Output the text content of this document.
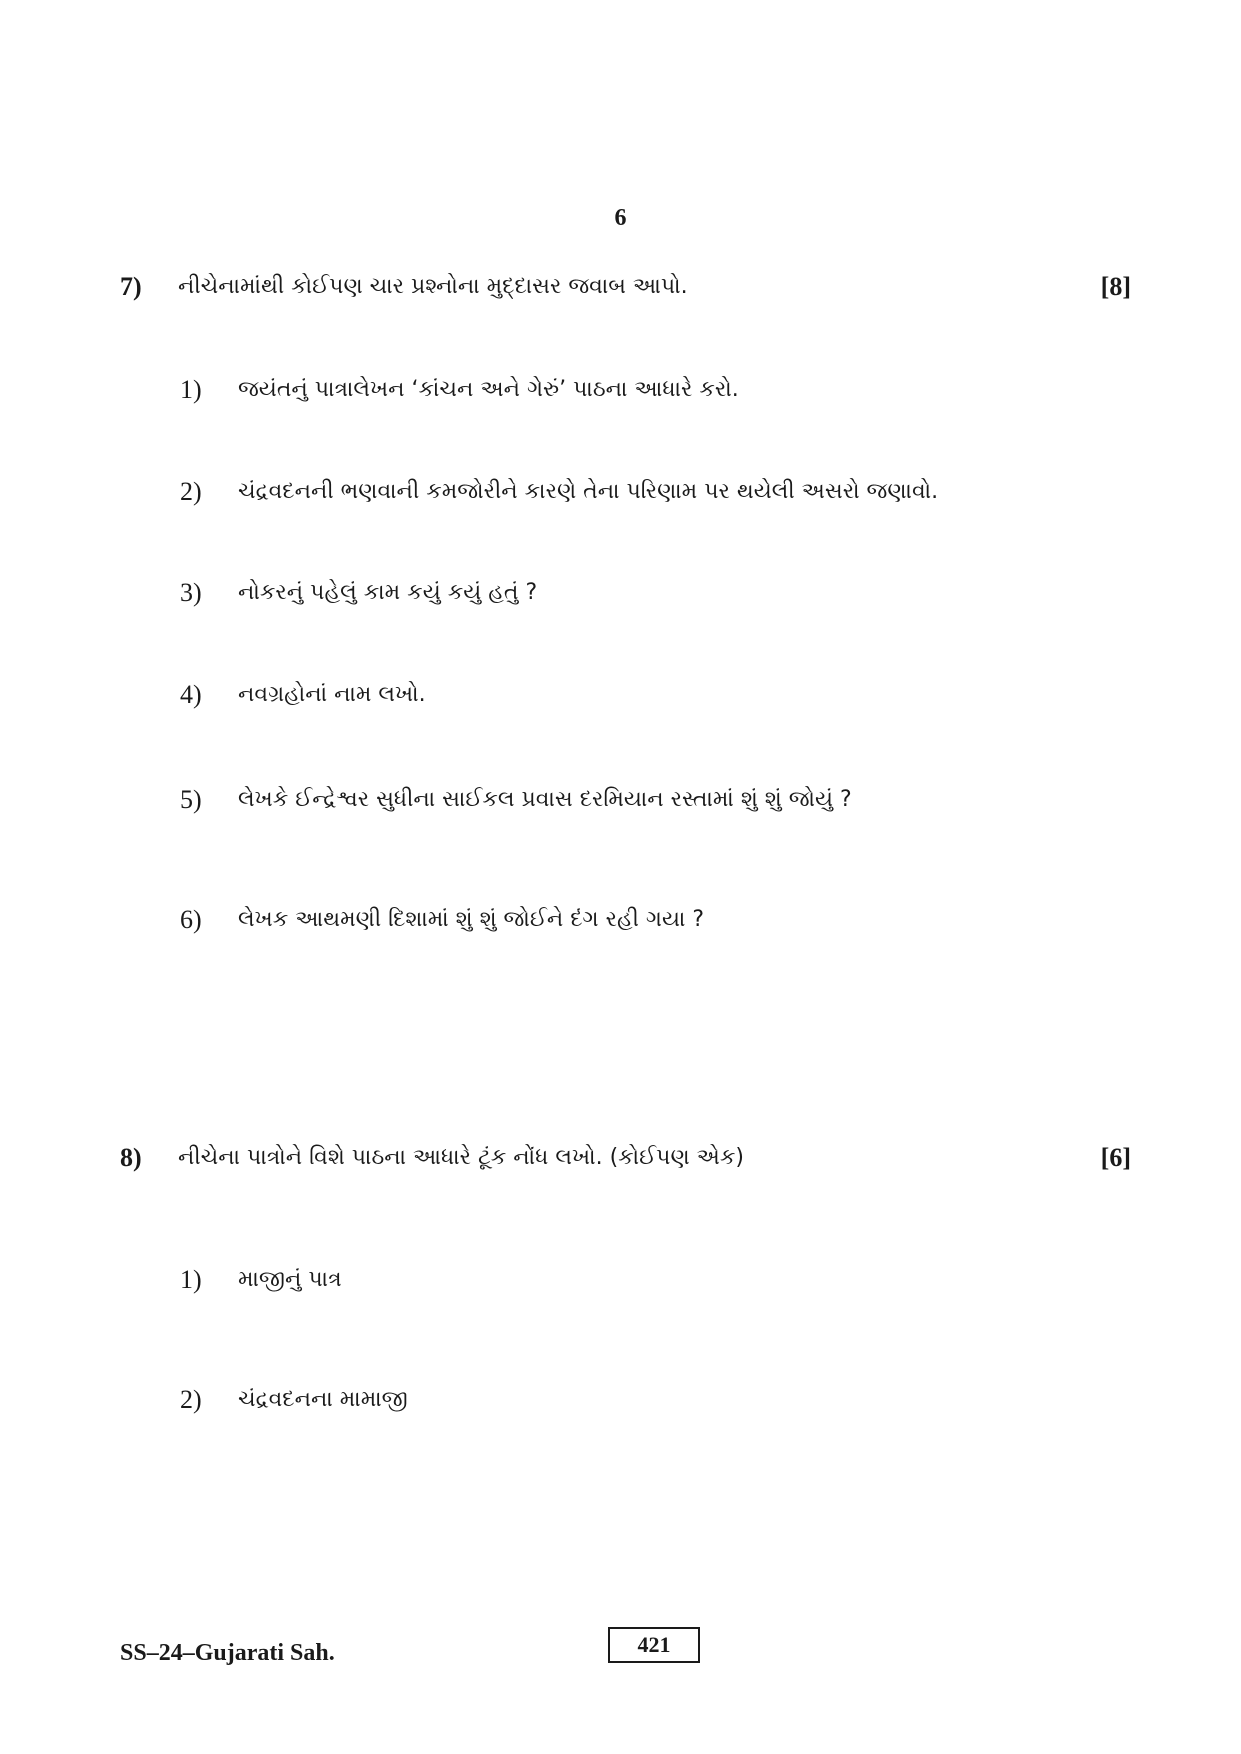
6
7) નીચેનામાંથી કોઈપણ ચાર પ્રશ્નોના મુદ્દાસર જવાબ આપો.	[8]
1) જયંતનું પાત્રાલેખન ‘કાંચન અને ગેરું’ પાઠના આધારે કરો.
2) ચંદ્રવદનની ભણવાની કમજોરીને કારણે તેના પરિણામ પર થયેલી અસરો જણાવો.
3) નોકરનું પહેલું કામ કયું કયું હતું ?
4) નવગ્રહોનાં નામ લખો.
5) લેખકે ઈન્દ્રેશ્વર સુધીના સાઈકલ પ્રવાસ દરમિયાન રસ્તામાં શું શું જોયું ?
6) લેખક આથમણી દિશામાં શું શું જોઈને દંગ રહી ગયા ?
8) નીચેના પાત્રોને વિશે પાઠના આધારે ટૂંક નોંધ લખો. (કોઈપણ એક)	[6]
1) માજીનું પાત્ર
2) ચંદ્રવદનના મામાજી
SS–24–Gujarati Sah.	421
